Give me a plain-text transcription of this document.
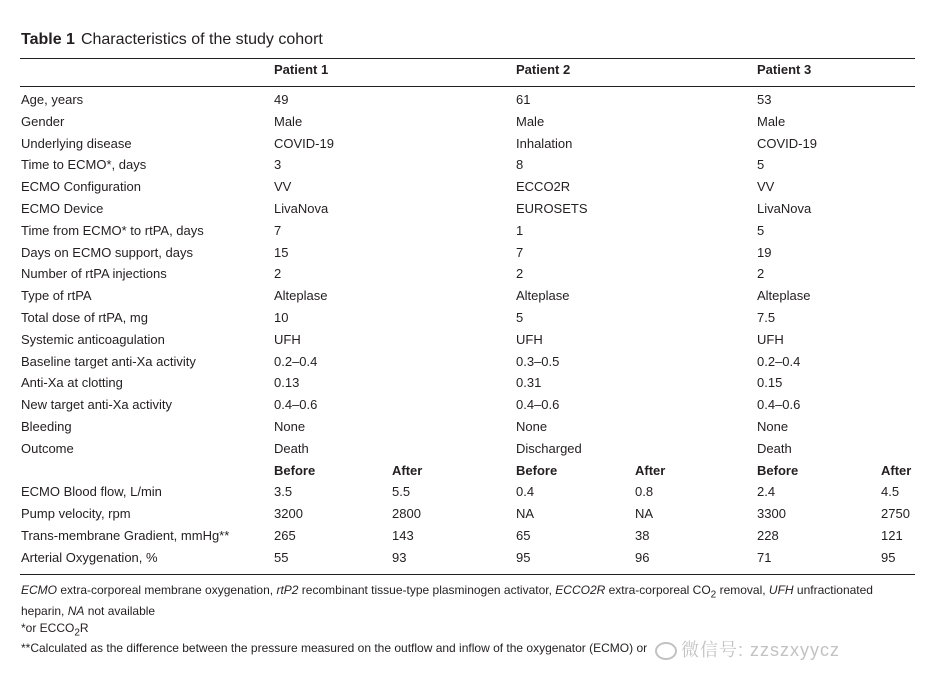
Table 1 Characteristics of the study cohort
Patient 1	Patient 2	Patient 3
Age, years	49	61	53
Gender	Male	Male	Male
Underlying disease	COVID-19	Inhalation	COVID-19
Time to ECMO*, days	3	8	5
ECMO Configuration	VV	ECCO2R	VV
ECMO Device	LivaNova	EUROSETS	LivaNova
Time from ECMO* to rtPA, days	7	1	5
Days on ECMO support, days	15	7	19
Number of rtPA injections	2	2	2
Type of rtPA	Alteplase	Alteplase	Alteplase
Total dose of rtPA, mg	10	5	7.5
Systemic anticoagulation	UFH	UFH	UFH
Baseline target anti-Xa activity	0.2–0.4	0.3–0.5	0.2–0.4
Anti-Xa at clotting	0.13	0.31	0.15
New target anti-Xa activity	0.4–0.6	0.4–0.6	0.4–0.6
Bleeding	None	None	None
Outcome	Death	Discharged	Death
Before	After	Before	After	Before	After
ECMO Blood flow, L/min	3.5	5.5	0.4	0.8	2.4	4.5
Pump velocity, rpm	3200	2800	NA	NA	3300	2750
Trans-membrane Gradient, mmHg**	265	143	65	38	228	121
Arterial Oxygenation, %	55	93	95	96	71	95
ECMO extra-corporeal membrane oxygenation, rtP2 recombinant tissue-type plasminogen activator, ECCO2R extra-corporeal $CO_2$ removal, UFH unfractionated heparin, NA not available
*or $ECCO_2R$
**Calculated as the difference between the pressure measured on the outflow and inflow of the oxygenator (ECMO) or	微信号: zzszxyycz
